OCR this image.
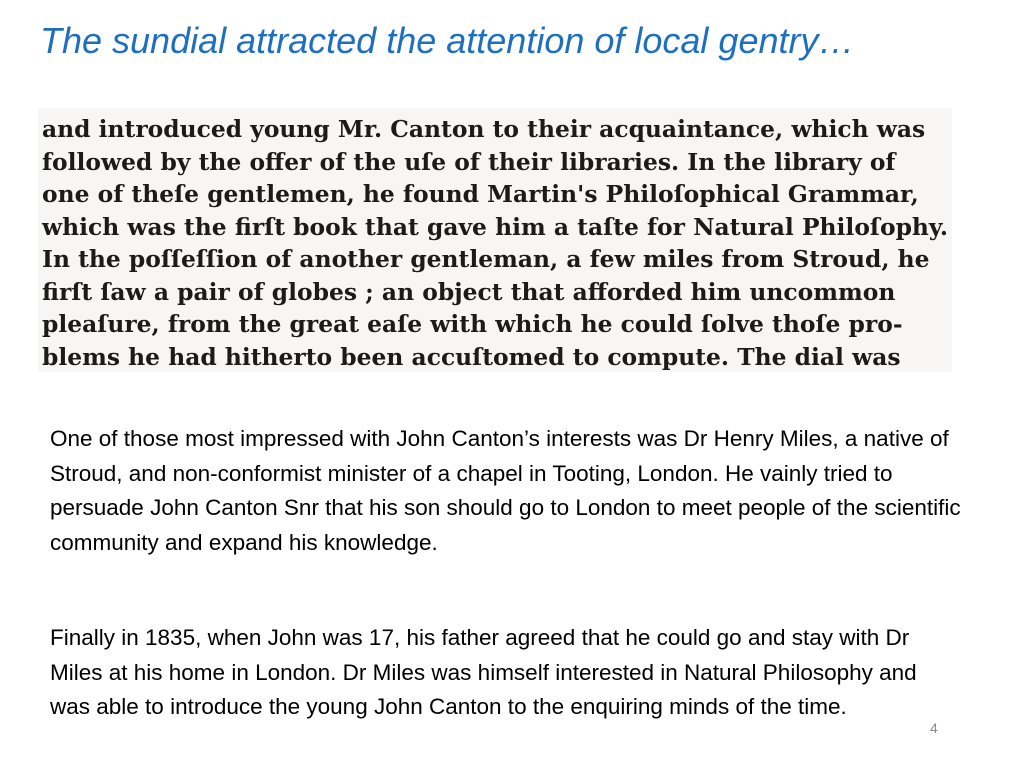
The sundial attracted the attention of local gentry…

and introduced young Mr. Canton to their acquaintance, which was

followed by the offer of the uſe of their libraries. In the library of

one of theſe gentlemen, he found Martin's Philoſophical Grammar,

which was the firſt book that gave him a taſte for Natural Philoſophy.

In the poſſeſſion of another gentleman, a few miles from Stroud, he

firſt ſaw a pair of globes ; an object that afforded him uncommon

pleaſure, from the great eaſe with which he could ſolve thoſe pro-

blems he had hitherto been accuſtomed to compute. The dial was

One of those most impressed with John Canton’s interests was Dr Henry Miles, a native of Stroud, and non-conformist minister of a chapel in Tooting, London. He vainly tried to persuade John Canton Snr that his son should go to London to meet people of the scientific community and expand his knowledge.

Finally in 1835, when John was 17, his father agreed that he could go and stay with Dr Miles at his home in London. Dr Miles was himself interested in Natural Philosophy and was able to introduce the young John Canton to the enquiring minds of the time.

4
